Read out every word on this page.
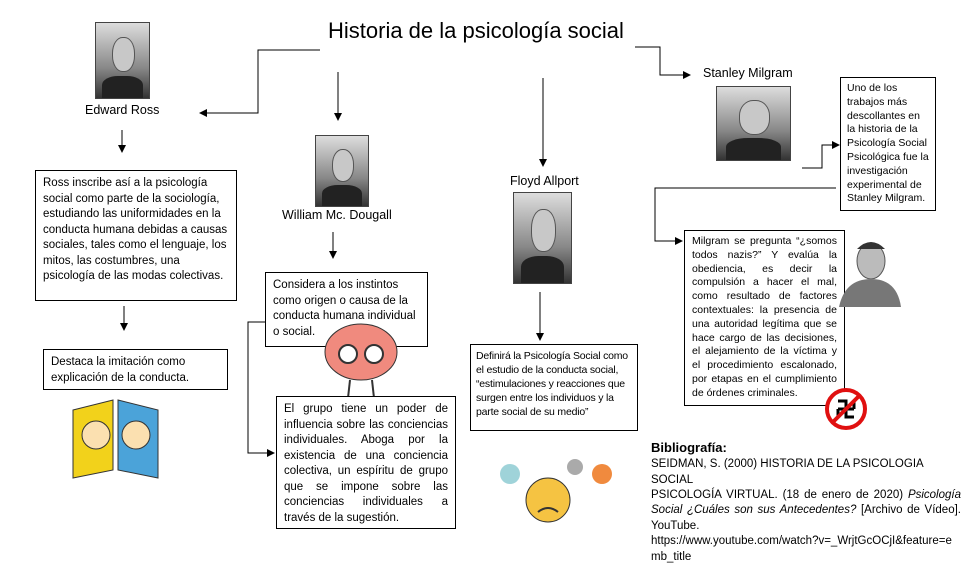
Historia de la psicología social
Edward Ross
Ross inscribe así a la psicología social como parte de la sociología, estudiando las uniformidades en la conducta humana debidas a causas sociales, tales como el lenguaje, los mitos, las costumbres, una psicología de las modas colectivas.
Destaca la imitación como explicación de la conducta.
William Mc. Dougall
Considera a los instintos como origen o causa de la conducta humana individual o social.
El grupo tiene un poder de influencia sobre las conciencias individuales. Aboga por la existencia de una conciencia colectiva, un espíritu de grupo que se impone sobre las conciencias individuales a través de la sugestión.
Floyd Allport
Definirá la Psicología Social como el estudio de la conducta social, “estimulaciones y reacciones que surgen entre los individuos y la parte social de su medio”
Stanley Milgram
Uno de los trabajos más descollantes en la historia de la Psicología Social Psicológica fue la investigación experimental de Stanley Milgram.
Milgram se pregunta “¿somos todos nazis?” Y evalúa la obediencia, es decir la compulsión a hacer el mal, como resultado de factores contextuales: la presencia de una autoridad legítima que se hace cargo de las decisiones, el alejamiento de la víctima y el procedimiento escalonado, por etapas en el cumplimiento de órdenes criminales.
Bibliografía:
SEIDMAN, S. (2000) HISTORIA DE LA PSICOLOGIA SOCIAL
PSICOLOGÍA VIRTUAL. (18 de enero de 2020) Psicología Social ¿Cuáles son sus Antecedentes? [Archivo de Vídeo]. YouTube.
https://www.youtube.com/watch?v=_WrjtGcOCjI&feature=emb_title
